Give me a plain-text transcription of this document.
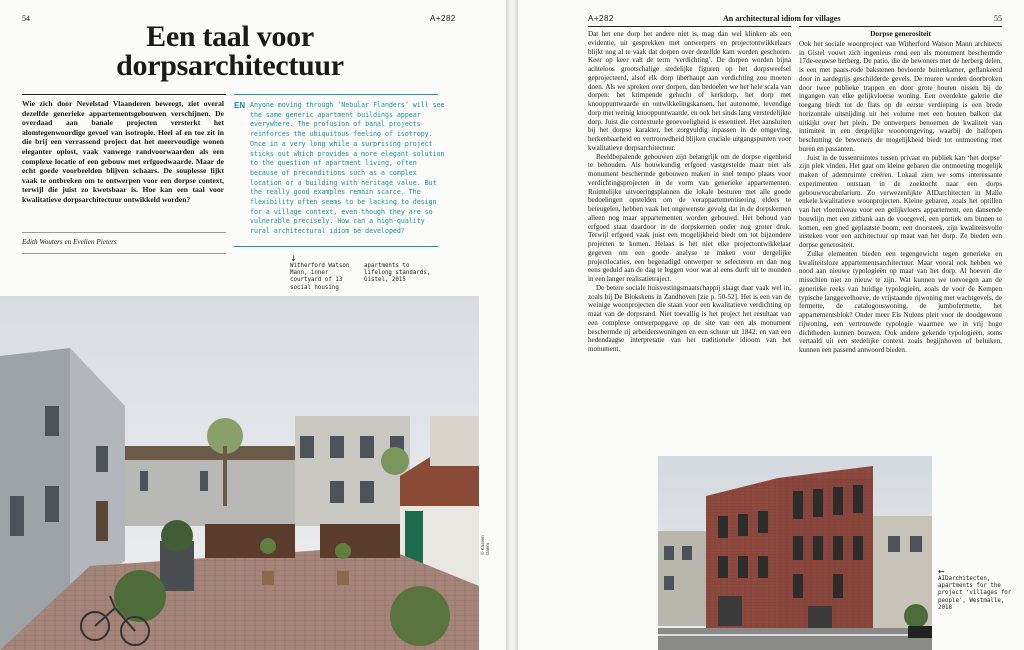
54	A+282
Een taal voor
dorpsarchitectuur
Wie zich door Nevelstad Vlaanderen beweegt, ziet overal dezelfde generieke appartementsgebouwen verschijnen. De overdaad aan banale projecten versterkt het alomtegenwoordige gevoel van isotropie. Heel af en toe zit in die brij een verrassend project dat het meervoudige wonen eleganter oplost, vaak vanwege randvoorwaarden als een complexe locatie of een gebouw met erfgoedwaarde. Maar de echt goede voorbeelden blijven schaars. De souplesse lijkt vaak te ontbreken om te ontwerpen voor een dorpse context, terwijl die juist zo kwetsbaar is. Hoe kan een taal voor kwalitatieve dorpsarchitectuur ontwikkeld worden?
Edith Wouters en Evelien Pieters
EN Anyone moving through ‘Nebular Flanders’ will see the same generic apartment buildings appear everywhere. The profusion of banal projects reinforces the ubiquitous feeling of isotropy. Once in a very long while a surprising project sticks out which provides a more elegant solution to the question of apartment living, often because of preconditions such as a complex location or a building with heritage value. But the really good examples remain scarce. The flexibility often seems to be lacking to design for a village context, even though they are so vulnerable precisely. How can a high-quality rural architectural idiom be developed?
↓
Witherford Watson Mann, inner courtyard of 13 social housing
apartments to lifelong standards, Gistel, 2015
© Kristien Daem
A+282	An architectural idiom for villages	55

Dat het ene dorp het andere niet is, mag dan wel klinken als een evidentie, uit gesprekken met ontwerpers en projectontwikkelaars blijkt nog al te vaak dat dorpen over dezelfde kam worden geschoren. Keer op keer valt de term ‘verdichting’. De dorpen worden bijna achteloos grootschalige stedelijke figuren op het dorpsweefsel geprojecteerd, alsof elk dorp überhaupt aan verdichting zou moeten doen. Als we spreken over dorpen, dan bedoelen we het hele scala van dorpen: het krimpende gehucht of kerkdorp, het dorp met knooppuntwaarde en ontwikkelingskansen, het autonome, levendige dorp met weinig knooppuntwaarde, en ook het sinds lang verstedelijkte dorp. Juist die contextuele geoevoeligheid is essentieel. Het aansluiten bij het dorpse karakter, het zorgvuldig inpassen in de omgeving, herkenbaarheid en vertrouwdheid blijken cruciale uitgangspunten voor kwalitatieve dorpsarchitectuur.

Beeldbepalende gebouwen zijn belangrijk om de dorpse eigenheid te behouden. Als bouwkundig erfgoed vastgestelde maar niet als monument beschermde gebouwen maken in snel tempo plaats voor verdichtingsprojecten in de vorm van generieke appartementen. Ruimtelijke uitvoeringsplannen die lokale besturen met alle goede bedoelingen opstelden om de verappartementisering elders te beteugelen, hebben vaak het ongewenste gevolg dat in de dorpskernen alleen nog maar appartementen worden gebouwd. Het behoud van erfgoed staat daardoor in de dorpskernen onder nog groter druk. Terwijl erfgoed vaak juist een mogelijkheid biedt om tot bijzondere projecten te komen. Helaas is het niet elke projectontwikkelaar gegeven om een goede analyse te maken voor dergelijke projectlocaties, een begenadigd ontwerper te selecteren en dan nog eens geduld aan de dag te leggen voor wat al eens durft uit te monden in een langer realisatietraject.

De betere sociale huisvestingsmaatschappij slaagt daar vaak wel in, zoals bij De Blokskens in Zandhoven [zie p. 50-52]. Het is een van de weinige woonprojecten die staan voor een kwalitatieve verdichting op maat van de dorpsrand. Niet toevallig is het project het resultaat van een complexe ontwerpopgave op de site van een als monument beschermde rij arbeiderswoningen en een schuur uit 1842, en van een hedendaagse interpretatie van het traditionele idioom van het monument.

Dorpse generositeit

Ook het sociale woonproject van Witherford Watson Mann architects in Gistel vouwt zich ingenieus rond een als monument beschermde 17de-eeuwse herberg. De patio, die de bewoners met de herberg delen, is een met paars-rode bakstenen bevloerde buitenkamer, geflankeerd door in aardegrijs geschilderde gevels. De muren worden doorbroken door twee publieke trappen en door grote houten nissen bij de ingangen van elke gelijkvloerse woning. Een overdekte galerie die toegang biedt tot de flats op de eerste verdieping is een brede horizontale uitsnijding uit het volume met een houten balkon dat uitkijkt over het plein. De ontwerpers benoemen de kwaliteit van intimiteit in een dergelijke woonomgeving, waarbij de halfopen beschutting de bewoners de mogelijkheid biedt tot ontmoeting met buren en passanten.

Juist in de tussenruimtes tussen privaat en publiek kan ‘het dorpse’ zijn plek vinden. Het gaat om kleine gebaren die ontmoeting mogelijk maken of ademruimte creëren. Lokaal zien we soms interessante experimenten ontstaan in de zoektocht naar een dorps gebouwvocabularium. Zo verwezenlijkte AIDarchitecten in Malle enkele kwalitatieve woonprojecten. Kleine gebaren, zoals het optillen van het vloerniveau voor een gelijkvloers appartement, een dansende bouwlijn met een zitbank aan de voorgevel, een portiek om binnen te komen, een goed geplaatste boom, een doorsteek, zijn kwaliteitsvolle insteken voor een architectuur op maat van het dorp. Ze bieden een dorpse generositeit.

Zulke elementen bieden een tegengewicht tegen generieke en kwaliteitsloze appartementsarchitectuur. Maar vooral ook hebben we nood aan nieuwe typologieën op maat van het dorp. Al hoeven die misschien niet zo nieuw te zijn. Wat kunnen we toevoegen aan de generieke reeks van huidige typologieën, zoals de voor de Kempen typische langgevelhoeve, de vrijstaande rijwoning met wachtgevels, de fermette, de catalogouswoning, de jumbofermette, het appartementsblok? Onder meer Els Nulens pleit voor de doodgewone rijwoning, een vertrouwde typologie waarmee we in vrij hoge dichtheden kunnen bouwen. Ook andere gekende typologieën, soms vertaald uit een stedelijke context zoals begijnhoven of beluiken, kunnen een passend antwoord bieden.

←
AIDarchitecten, apartments for the project ‘villages for people’, Westmalle, 2018
